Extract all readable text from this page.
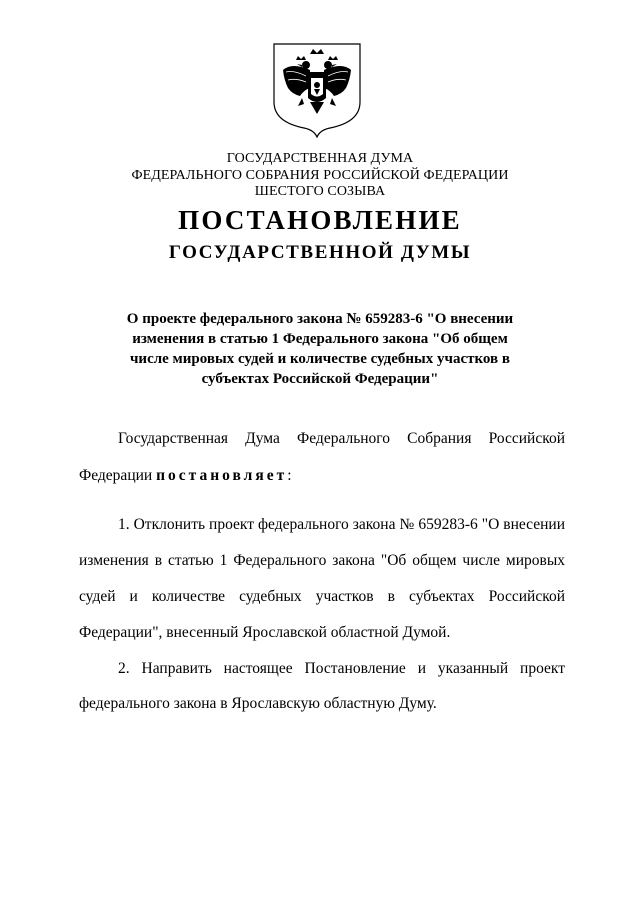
ГОСУДАРСТВЕННАЯ ДУМА
ФЕДЕРАЛЬНОГО СОБРАНИЯ РОССИЙСКОЙ ФЕДЕРАЦИИ
ШЕСТОГО СОЗЫВА
ПОСТАНОВЛЕНИЕ
ГОСУДАРСТВЕННОЙ ДУМЫ
О проекте федерального закона № 659283-6 "О внесении
изменения в статью 1 Федерального закона "Об общем
числе мировых судей и количестве судебных участков в
субъектах Российской Федерации"
Государственная Дума Федерального Собрания Российской
Федерации постановляет:
1. Отклонить проект федерального закона № 659283-6 "О внесении
изменения в статью 1 Федерального закона "Об общем числе мировых
судей и количестве судебных участков в субъектах Российской
Федерации", внесенный Ярославской областной Думой.
2. Направить настоящее Постановление и указанный проект
федерального закона в Ярославскую областную Думу.
